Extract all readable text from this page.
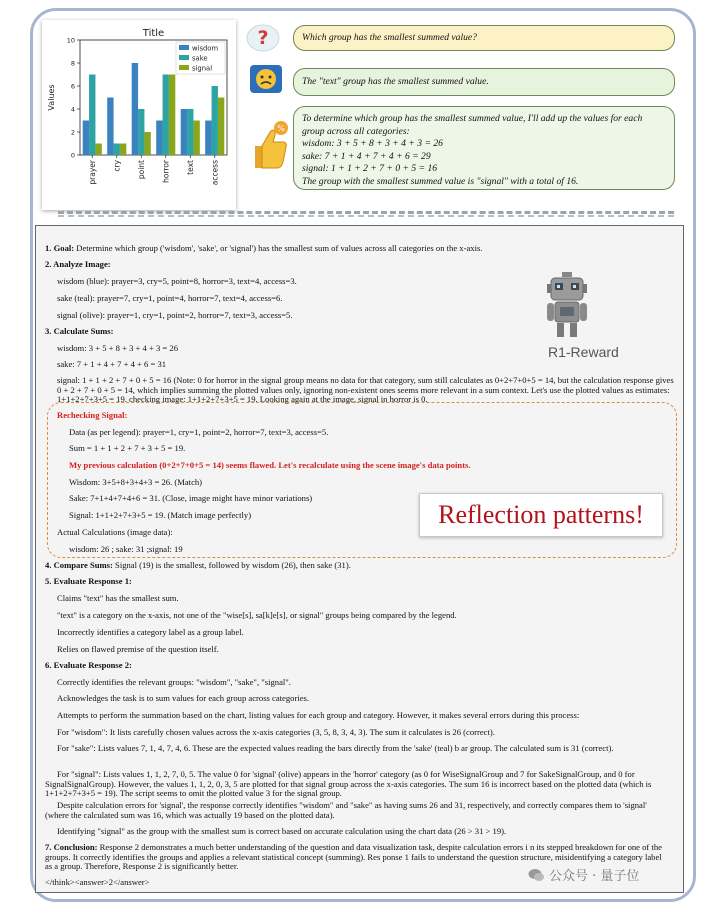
Title
Values
0
2
4
6
8
10
prayer cry point horror text access
wisdom
sake
signal
?
%
Which group has the smallest summed value?
The "text" group has the smallest summed value.
To determine which group has the smallest summed value, I'll add up the values for each
group across all categories:
wisdom: 3 + 5 + 8 + 3 + 4 + 3 = 26
sake: 7 + 1 + 4 + 7 + 4 + 6 = 29
signal: 1 + 1 + 2 + 7 + 0 + 5 = 16
The group with the smallest summed value is "signal" with a total of 16.
R1-Reward
1. Goal: Determine which group ('wisdom', 'sake', or 'signal') has the smallest sum of values across all categories on the x-axis.
2. Analyze Image:
wisdom (blue): prayer=3, cry=5, point=8, horror=3, text=4, access=3.
sake (teal): prayer=7, cry=1, point=4, horror=7, text=4, access=6.
signal (olive): prayer=1, cry=1, point=2, horror=7, text=3, access=5.
3. Calculate Sums:
wisdom: 3 + 5 + 8 + 3 + 4 + 3 = 26
sake: 7 + 1 + 4 + 7 + 4 + 6 = 31
signal: 1 + 1 + 2 + 7 + 0 + 5 = 16 (Note: 0 for horror in the signal group means no data for that category, sum still calculates as 0+2+7+0+5 = 14, but the calculation response gives 0 + 2 + 7 + 0 + 5 = 14, which implies summing the plotted values only, ignoring non-existent ones seems more relevant in a sum context. Let's use the plotted values as estimates: 1+1+2+7+3+5 = 19. checking image: 1+1+2+7+3+5 = 19. Looking again at the image, signal in horror is 0.
Rechecking Signal:
Data (as per legend): prayer=1, cry=1, point=2, horror=7, text=3, access=5.
Sum = 1 + 1 + 2 + 7 + 3 + 5 = 19.
My previous calculation (0+2+7+0+5 = 14) seems flawed. Let's recalculate using the scene image's data points.
Wisdom: 3+5+8+3+4+3 = 26. (Match)
Sake: 7+1+4+7+4+6 = 31. (Close, image might have minor variations)
Signal: 1+1+2+7+3+5 = 19. (Match image perfectly)
Actual Calculations (image data):
wisdom: 26 ; sake: 31 ;signal: 19
Reflection patterns!
4. Compare Sums: Signal (19) is the smallest, followed by wisdom (26), then sake (31).
5. Evaluate Response 1:
Claims "text" has the smallest sum.
"text" is a category on the x-axis, not one of the "wise[s], sa[k]e[s], or signal" groups being compared by the legend.
Incorrectly identifies a category label as a group label.
Relies on flawed premise of the question itself.
6. Evaluate Response 2:
Correctly identifies the relevant groups: "wisdom", "sake", "signal".
Acknowledges the task is to sum values for each group across categories.
Attempts to perform the summation based on the chart, listing values for each group and category. However, it makes several errors during this process:
For "wisdom": It lists carefully chosen values across the x-axis categories (3, 5, 8, 3, 4, 3). The sum it calculates is 26 (correct).
For "sake": Lists values 7, 1, 4, 7, 4, 6. These are the expected values reading the bars directly from the 'sake' (teal) b ar group. The calculated sum is 31 (correct).
For "signal": Lists values 1, 1, 2, 7, 0, 5. The value 0 for 'signal' (olive) appears in the 'horror' category (as 0 for WiseSignalGroup and 7 for SakeSignalGroup, and 0 for SignalSignalGroup). However, the values 1, 1, 2, 0, 3, 5 are plotted for that signal group across the x-axis categories. The sum 16 is incorrect based on the plotted data (which is 1+1+2+7+3+5 = 19). The script seems to omit the plotted value 3 for the signal group.
Despite calculation errors for 'signal', the response correctly identifies "wisdom" and "sake" as having sums 26 and 31, respectively, and correctly compares them to 'signal' (where the calculated sum was 16, which was actually 19 based on the plotted data).
Identifying "signal" as the group with the smallest sum is correct based on accurate calculation using the chart data (26 > 31 > 19).
7. Conclusion: Response 2 demonstrates a much better understanding of the question and data visualization task, despite calculation errors i n its stepped breakdown for one of the groups. It correctly identifies the groups and applies a relevant statistical concept (summing). Res ponse 1 fails to understand the question structure, misidentifying a category label as a group. Therefore, Response 2 is significantly better.
</think><answer>2</answer>	公众号 · 量子位
